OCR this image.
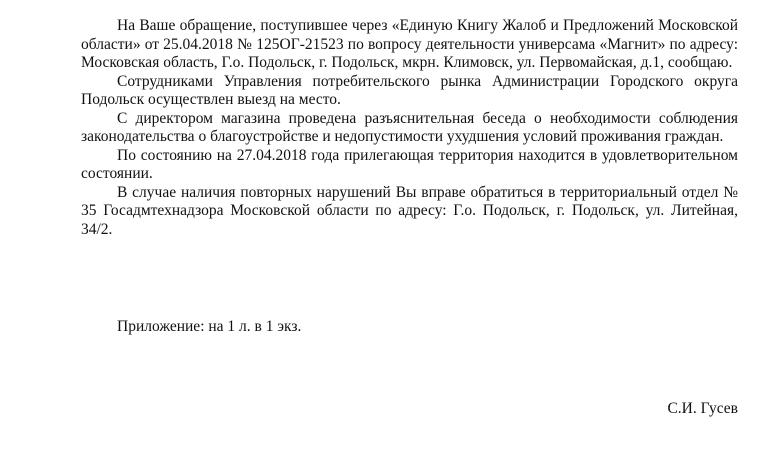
На Ваше обращение, поступившее через «Единую Книгу Жалоб и Предложений Московской области» от 25.04.2018 № 125ОГ-21523 по вопросу деятельности универсама «Магнит» по адресу: Московская область, Г.о. Подольск, г. Подольск, мкрн. Климовск, ул. Первомайская, д.1, сообщаю.

Сотрудниками Управления потребительского рынка Администрации Городского округа Подольск осуществлен выезд на место.

С директором магазина проведена разъяснительная беседа о необходимости соблюдения законодательства о благоустройстве и недопустимости ухудшения условий проживания граждан.

По состоянию на 27.04.2018 года прилегающая территория находится в удовлетворительном состоянии.

В случае наличия повторных нарушений Вы вправе обратиться в территориальный отдел № 35 Госадмтехнадзора Московской области по адресу: Г.о. Подольск, г. Подольск, ул. Литейная, 34/2.

Приложение: на 1 л. в 1 экз.

С.И. Гусев
